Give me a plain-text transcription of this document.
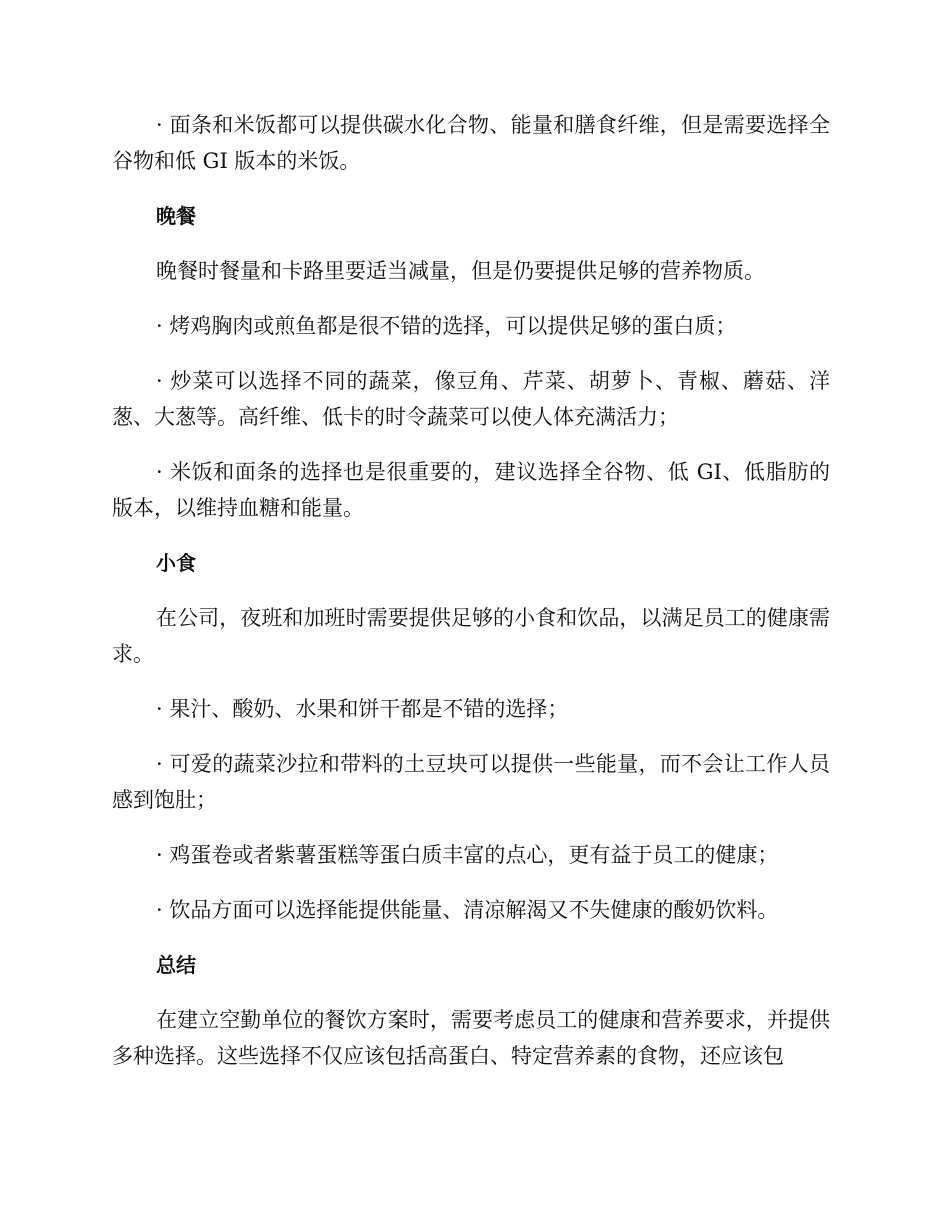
· 面条和米饭都可以提供碳水化合物、能量和膳食纤维，但是需要选择全谷物和低 GI 版本的米饭。

晚餐

晚餐时餐量和卡路里要适当减量，但是仍要提供足够的营养物质。

· 烤鸡胸肉或煎鱼都是很不错的选择，可以提供足够的蛋白质；

· 炒菜可以选择不同的蔬菜，像豆角、芹菜、胡萝卜、青椒、蘑菇、洋葱、大葱等。高纤维、低卡的时令蔬菜可以使人体充满活力；

· 米饭和面条的选择也是很重要的，建议选择全谷物、低 GI、低脂肪的版本，以维持血糖和能量。

小食

在公司，夜班和加班时需要提供足够的小食和饮品，以满足员工的健康需求。

· 果汁、酸奶、水果和饼干都是不错的选择；

· 可爱的蔬菜沙拉和带料的土豆块可以提供一些能量，而不会让工作人员感到饱肚；

· 鸡蛋卷或者紫薯蛋糕等蛋白质丰富的点心，更有益于员工的健康；

· 饮品方面可以选择能提供能量、清凉解渴又不失健康的酸奶饮料。

总结

在建立空勤单位的餐饮方案时，需要考虑员工的健康和营养要求，并提供多种选择。这些选择不仅应该包括高蛋白、特定营养素的食物，还应该包
